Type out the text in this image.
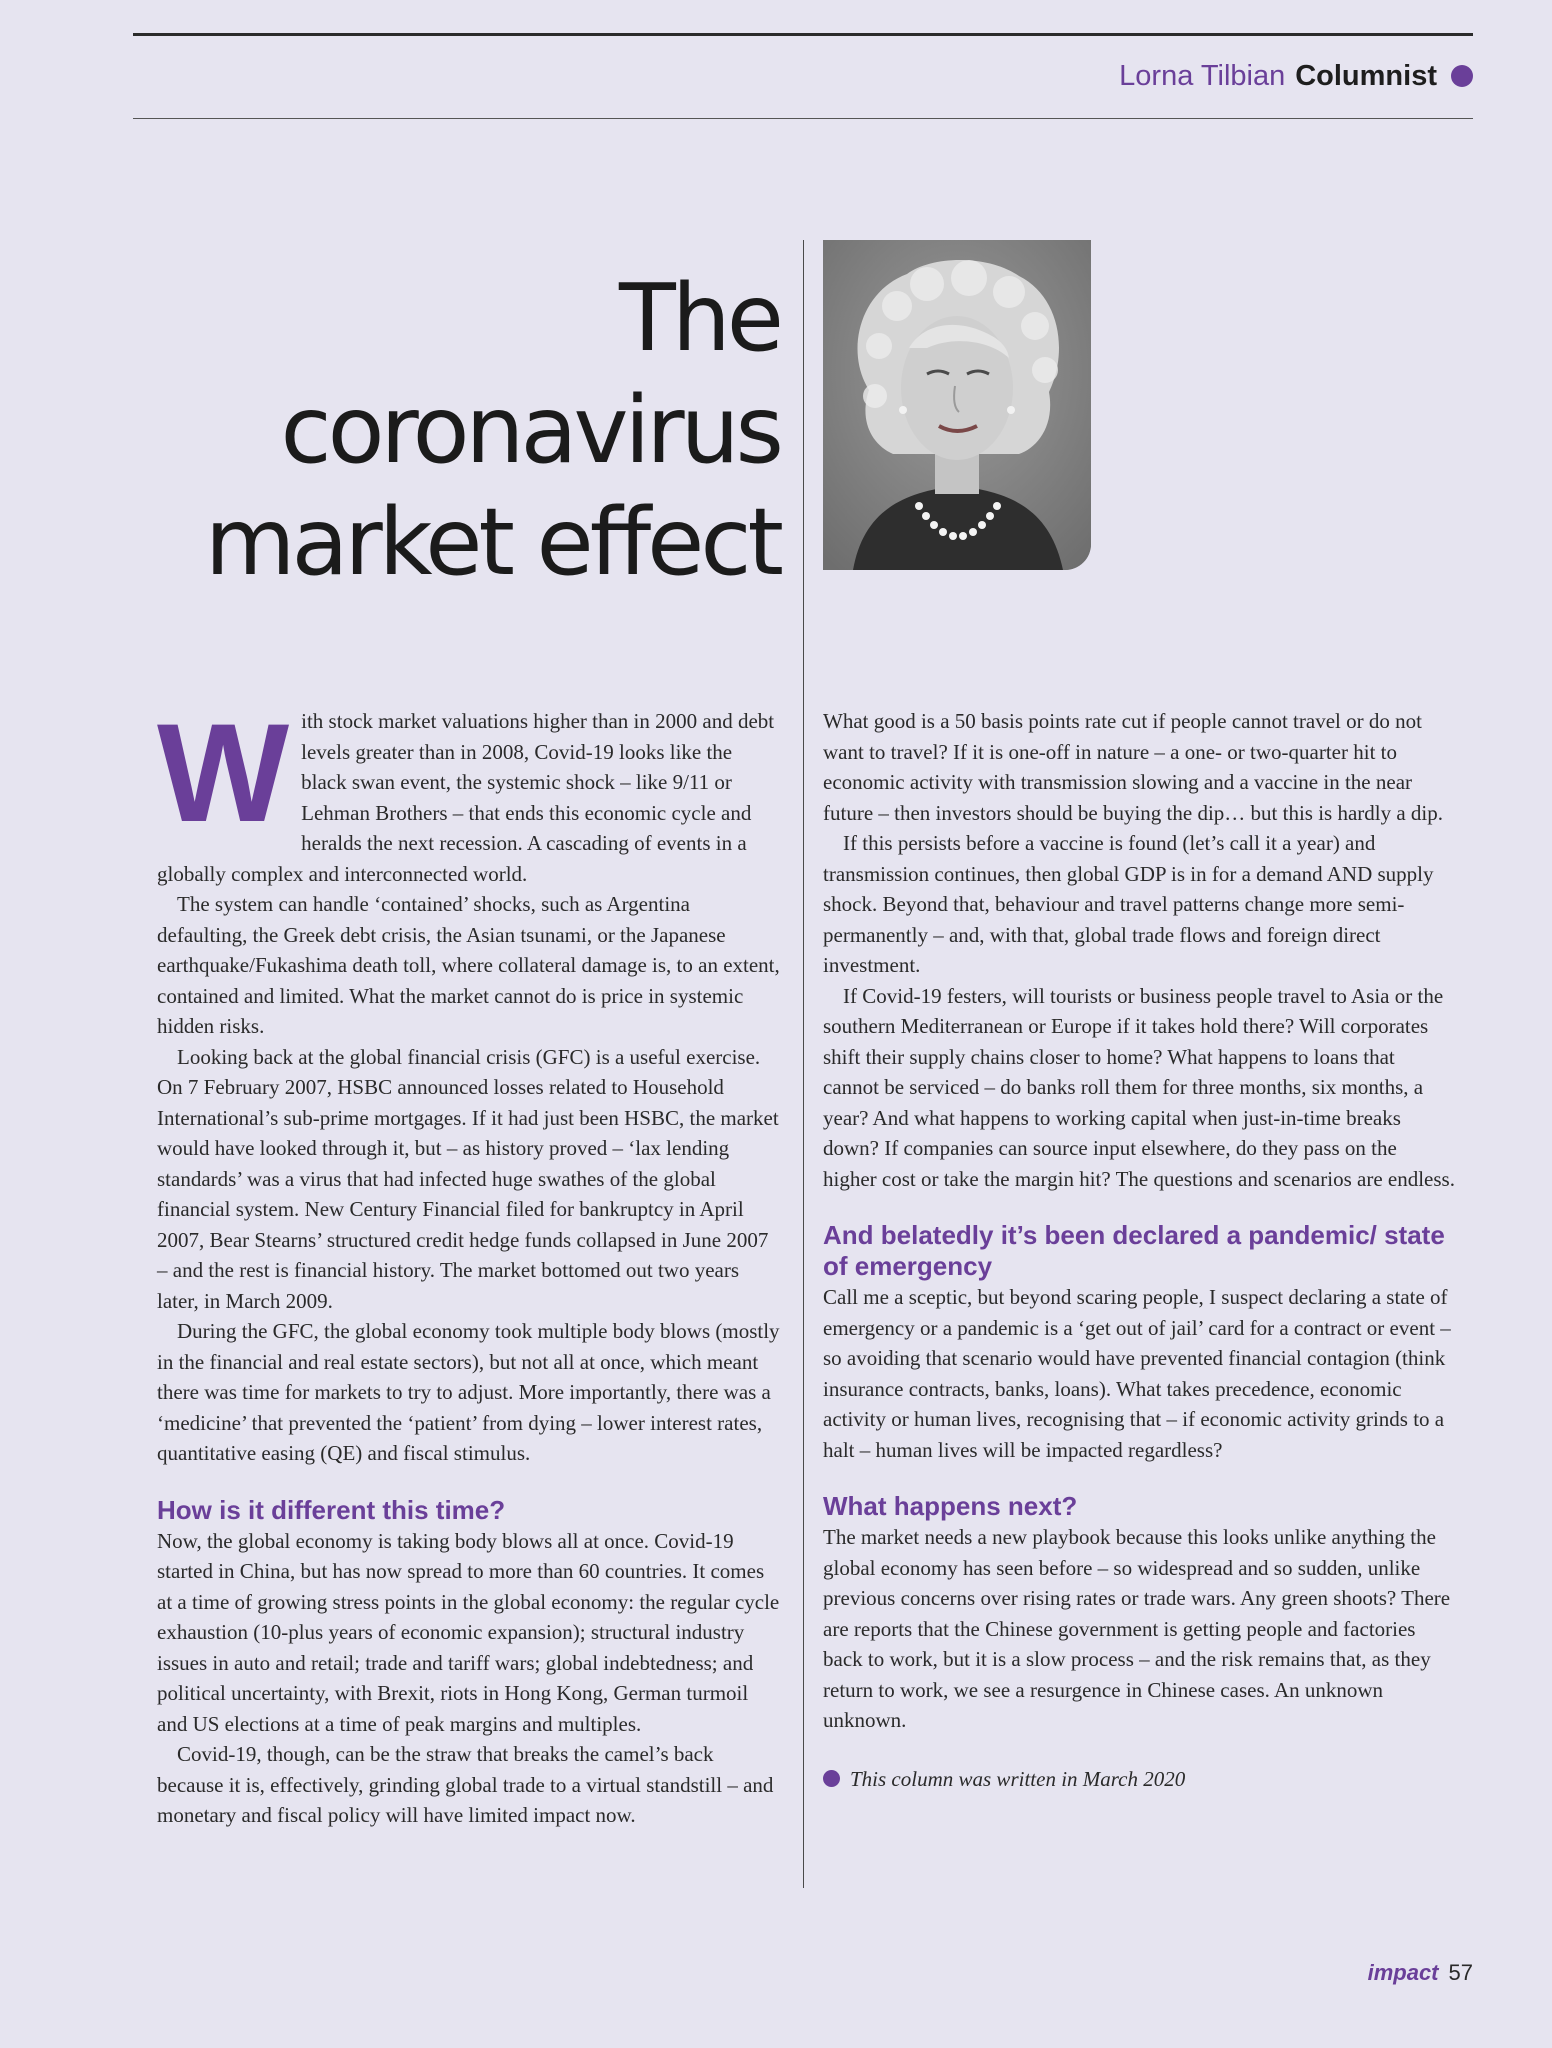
Lorna Tilbian Columnist
The
coronavirus
market effect
W ith stock market valuations higher than in 2000 and debt levels greater than in 2008, Covid-19 looks like the black swan event, the systemic shock – like 9/11 or Lehman Brothers – that ends this economic cycle and heralds the next recession. A cascading of events in a globally complex and interconnected world.

The system can handle ‘contained’ shocks, such as Argentina defaulting, the Greek debt crisis, the Asian tsunami, or the Japanese earthquake/Fukashima death toll, where collateral damage is, to an extent, contained and limited. What the market cannot do is price in systemic hidden risks.

Looking back at the global financial crisis (GFC) is a useful exercise. On 7 February 2007, HSBC announced losses related to Household International’s sub-prime mortgages. If it had just been HSBC, the market would have looked through it, but – as history proved – ‘lax lending standards’ was a virus that had infected huge swathes of the global financial system. New Century Financial filed for bankruptcy in April 2007, Bear Stearns’ structured credit hedge funds collapsed in June 2007 – and the rest is financial history. The market bottomed out two years later, in March 2009.

During the GFC, the global economy took multiple body blows (mostly in the financial and real estate sectors), but not all at once, which meant there was time for markets to try to adjust. More importantly, there was a ‘medicine’ that prevented the ‘patient’ from dying – lower interest rates, quantitative easing (QE) and fiscal stimulus.

How is it different this time?

Now, the global economy is taking body blows all at once. Covid-19 started in China, but has now spread to more than 60 countries. It comes at a time of growing stress points in the global economy: the regular cycle exhaustion (10-plus years of economic expansion); structural industry issues in auto and retail; trade and tariff wars; global indebtedness; and political uncertainty, with Brexit, riots in Hong Kong, German turmoil and US elections at a time of peak margins and multiples.

Covid-19, though, can be the straw that breaks the camel’s back because it is, effectively, grinding global trade to a virtual standstill – and monetary and fiscal policy will have limited impact now.

What good is a 50 basis points rate cut if people cannot travel or do not want to travel? If it is one-off in nature – a one- or two-quarter hit to economic activity with transmission slowing and a vaccine in the near future – then investors should be buying the dip… but this is hardly a dip.

If this persists before a vaccine is found (let’s call it a year) and transmission continues, then global GDP is in for a demand AND supply shock. Beyond that, behaviour and travel patterns change more semi-permanently – and, with that, global trade flows and foreign direct investment.

If Covid-19 festers, will tourists or business people travel to Asia or the southern Mediterranean or Europe if it takes hold there? Will corporates shift their supply chains closer to home? What happens to loans that cannot be serviced – do banks roll them for three months, six months, a year? And what happens to working capital when just-in-time breaks down? If companies can source input elsewhere, do they pass on the higher cost or take the margin hit? The questions and scenarios are endless.

And belatedly it’s been declared a pandemic/ state of emergency

Call me a sceptic, but beyond scaring people, I suspect declaring a state of emergency or a pandemic is a ‘get out of jail’ card for a contract or event – so avoiding that scenario would have prevented financial contagion (think insurance contracts, banks, loans). What takes precedence, economic activity or human lives, recognising that – if economic activity grinds to a halt – human lives will be impacted regardless?

What happens next?

The market needs a new playbook because this looks unlike anything the global economy has seen before – so widespread and so sudden, unlike previous concerns over rising rates or trade wars. Any green shoots? There are reports that the Chinese government is getting people and factories back to work, but it is a slow process – and the risk remains that, as they return to work, we see a resurgence in Chinese cases. An unknown unknown.

This column was written in March 2020
impact 57
